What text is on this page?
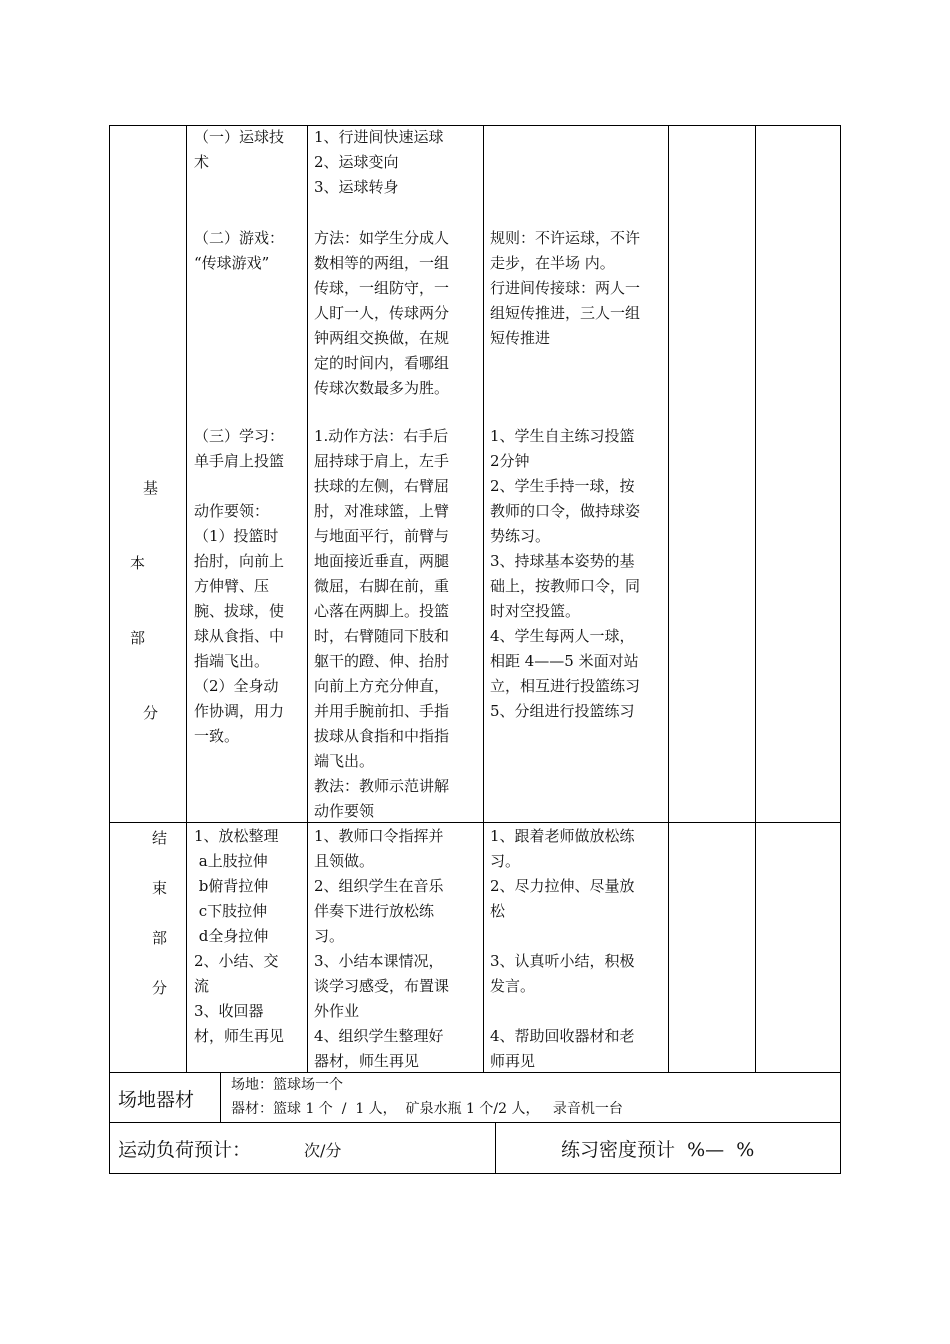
基
本
部
分
（一）运球技
术
1、行进间快速运球
2、运球变向
3、运球转身
（二）游戏：
“传球游戏”
方法：如学生分成人
数相等的两组，一组
传球，一组防守，一
人盯一人，传球两分
钟两组交换做，在规
定的时间内，看哪组
传球次数最多为胜。
规则：不许运球，不许
走步，在半场 内。
行进间传接球：两人一
组短传推进，三人一组
短传推进
（三）学习：
单手肩上投篮

动作要领：
（1）投篮时
抬肘，向前上
方伸臂、压
腕、拔球，使
球从食指、中
指端飞出。
（2）全身动
作协调，用力
一致。
1.动作方法：右手后
屈持球于肩上，左手
扶球的左侧，右臂屈
肘，对准球篮，上臂
与地面平行，前臂与
地面接近垂直，两腿
微屈，右脚在前，重
心落在两脚上。投篮
时，右臂随同下肢和
躯干的蹬、伸、抬肘
向前上方充分伸直，
并用手腕前扣、手指
拔球从食指和中指指
端飞出。
教法：教师示范讲解
动作要领
1、学生自主练习投篮
2分钟
2、学生手持一球，按
教师的口令，做持球姿
势练习。
3、持球基本姿势的基
础上，按教师口令，同
时对空投篮。
4、学生每两人一球，
相距 4——5 米面对站
立，相互进行投篮练习
5、分组进行投篮练习
结
束
部
分
1、放松整理
a上肢拉伸
b俯背拉伸
c下肢拉伸
d全身拉伸
2、小结、交
流
3、收回器
材，师生再见
1、教师口令指挥并
且领做。
2、组织学生在音乐
伴奏下进行放松练
习。
3、小结本课情况，
谈学习感受，布置课
外作业
4、组织学生整理好
器材，师生再见
1、跟着老师做放松练
习。
2、尽力拉伸、尽量放
松

3、认真听小结，积极
发言。

4、帮助回收器材和老
师再见
场地器材
场地：篮球场一个
器材：篮球 1 个  /  1 人，  矿泉水瓶 1 个/2 人，   录音机一台
运动负荷预计：	次/分	练习密度预计  %—  %
